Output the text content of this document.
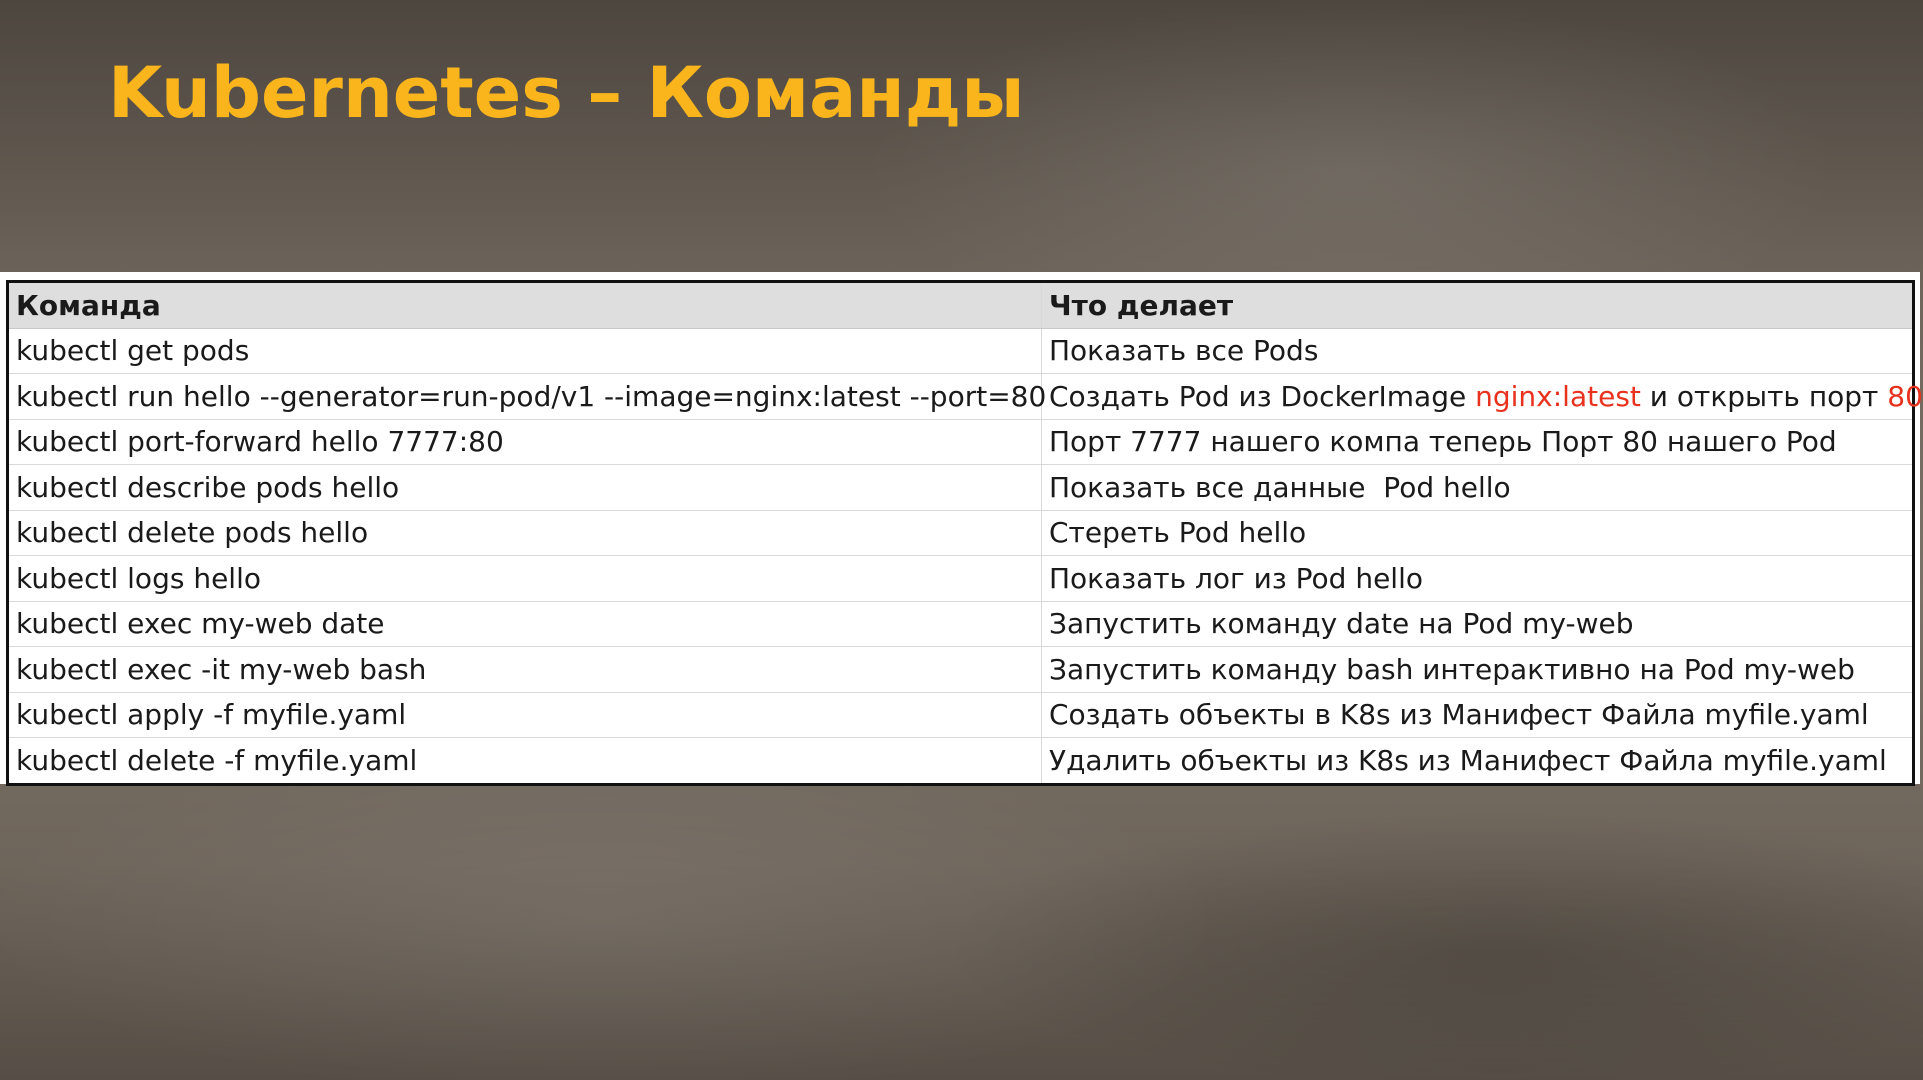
Kubernetes – Команды
Команда	Что делает
kubectl get pods	Показать все Pods
kubectl run hello --generator=run-pod/v1 --image=nginx:latest --port=80	Создать Pod из DockerImage nginx:latest и открыть порт 80
kubectl port-forward hello 7777:80	Порт 7777 нашего компа теперь Порт 80 нашего Pod
kubectl describe pods hello	Показать все данные  Pod hello
kubectl delete pods hello	Стереть Pod hello
kubectl logs hello	Показать лог из Pod hello
kubectl exec my-web date	Запустить команду date на Pod my-web
kubectl exec -it my-web bash	Запустить команду bash интерактивно на Pod my-web
kubectl apply -f myfile.yaml	Создать объекты в K8s из Манифест Файла myfile.yaml
kubectl delete -f myfile.yaml	Удалить объекты из K8s из Манифест Файла myfile.yaml
